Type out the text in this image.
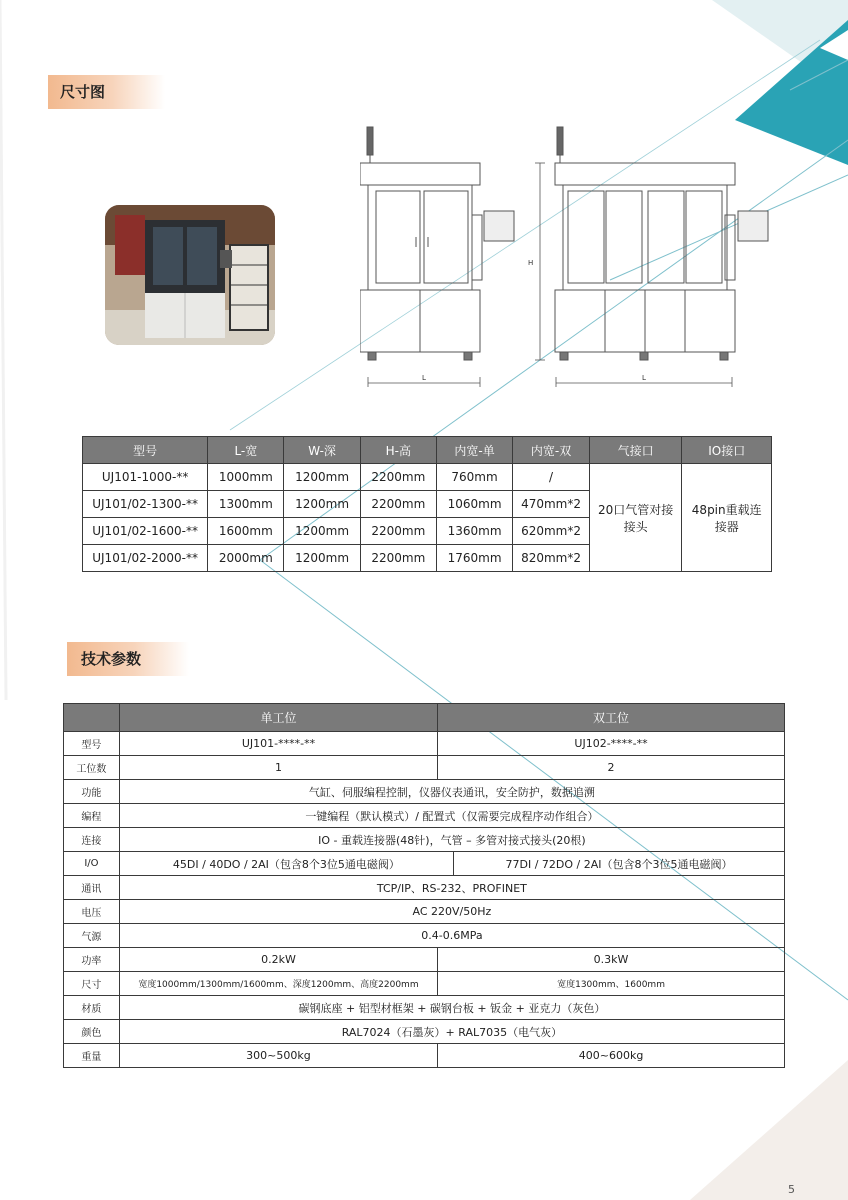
尺寸图
L	L
H
型号	L-宽	W-深	H-高	内宽-单	内宽-双	气接口	IO接口
UJ101-1000-**	1000mm	1200mm	2200mm	760mm	/	20口气管对接接头	48pin重载连接器
UJ101/02-1300-**	1300mm	1200mm	2200mm	1060mm	470mm*2		
UJ101/02-1600-**	1600mm	1200mm	2200mm	1360mm	620mm*2		
UJ101/02-2000-**	2000mm	1200mm	2200mm	1760mm	820mm*2		
技术参数
	单工位	双工位	
型号	UJ101-****-**	UJ102-****-**	
工位数	1	2	
功能	气缸、伺服编程控制，仪器仪表通讯，安全防护，数据追溯		
编程	一键编程（默认模式）/ 配置式（仅需要完成程序动作组合）		
连接	IO - 重载连接器(48针)，气管 – 多管对接式接头(20根)		
I/O	45DI / 40DO / 2AI（包含8个3位5通电磁阀）		77DI / 72DO / 2AI（包含8个3位5通电磁阀）
通讯	TCP/IP、RS-232、PROFINET		
电压	AC 220V/50Hz		
气源	0.4-0.6MPa		
功率	0.2kW	0.3kW	
尺寸	宽度1000mm/1300mm/1600mm、深度1200mm、高度2200mm	宽度1300mm、1600mm	
材质	碳钢底座 + 铝型材框架 + 碳钢台板 + 钣金 + 亚克力（灰色）		
颜色	RAL7024（石墨灰）+ RAL7035（电气灰）		
重量	300~500kg	400~600kg	
5
